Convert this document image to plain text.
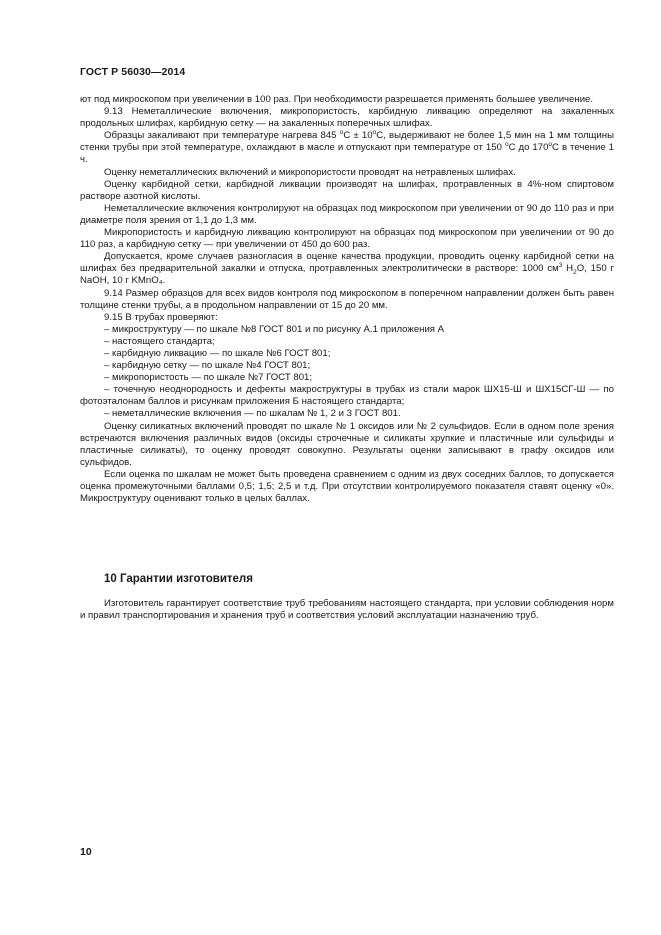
ГОСТ Р 56030—2014

ют под микроскопом при увеличении в 100 раз. При необходимости разрешается применять большее увеличение.

9.13 Неметаллические включения, микропористость, карбидную ликвацию определяют на закаленных продольных шлифах, карбидную сетку — на закаленных поперечных шлифах.

Образцы закаливают при температуре нагрева 845 $^oC \pm 10^oC$, выдерживают не более 1,5 мин на 1 мм толщины стенки трубы при этой температуре, охлаждают в масле и отпускают при температуре от 150 $^o$C до 170$^o$C в течение 1 ч.

Оценку неметаллических включений и микропористости проводят на нетравленых шлифах.

Оценку карбидной сетки, карбидной ликвации производят на шлифах, протравленных в 4%-ном спиртовом растворе азотной кислоты.

Неметаллические включения контролируют на образцах под микроскопом при увеличении от 90 до 110 раз и при диаметре поля зрения от 1,1 до 1,3 мм.

Микропористость и карбидную ликвацию контролируют на образцах под микроскопом при увеличении от 90 до 110 раз, а карбидную сетку — при увеличении от 450 до 600 раз.

Допускается, кроме случаев разногласия в оценке качества продукции, проводить оценку карбидной сетки на шлифах без предварительной закалки и отпуска, протравленных электролитически в растворе: 1000 $см^3$ $H_2O$, 150 г NaOH, 10 г KMnO₄.

9.14 Размер образцов для всех видов контроля под микроскопом в поперечном направлении должен быть равен толщине стенки трубы, а в продольном направлении от 15 до 20 мм.

9.15 В трубах проверяют:

– микроструктуру — по шкале №8 ГОСТ 801 и по рисунку А.1 приложения А

– настоящего стандарта;

– карбидную ликвацию — по шкале №6 ГОСТ 801;

– карбидную сетку — по шкале №4 ГОСТ 801;

– микропористость — по шкале №7 ГОСТ 801;

– точечную неоднородность и дефекты макроструктуры в трубах из стали марок ШХ15-Ш и ШХ15СГ-Ш — по фотоэталонам баллов и рисункам приложения Б настоящего стандарта;

– неметаллические включения — по шкалам № 1, 2 и 3 ГОСТ 801.

Оценку силикатных включений проводят по шкале № 1 оксидов или № 2 сульфидов. Если в одном поле зрения встречаются включения различных видов (оксиды строчечные и силикаты хрупкие и пластичные или сульфиды и пластичные силикаты), то оценку проводят совокупно. Результаты оценки записывают в графу оксидов или сульфидов.

Если оценка по шкалам не может быть проведена сравнением с одним из двух соседних баллов, то допускается оценка промежуточными баллами 0,5; 1,5; 2,5 и т.д. При отсутствии контролируемого показателя ставят оценку «0». Микроструктуру оценивают только в целых баллах.

10 Гарантии изготовителя

Изготовитель гарантирует соответствие труб требованиям настоящего стандарта, при условии соблюдения норм и правил транспортирования и хранения труб и соответствия условий эксплуатации назначению труб.

10
